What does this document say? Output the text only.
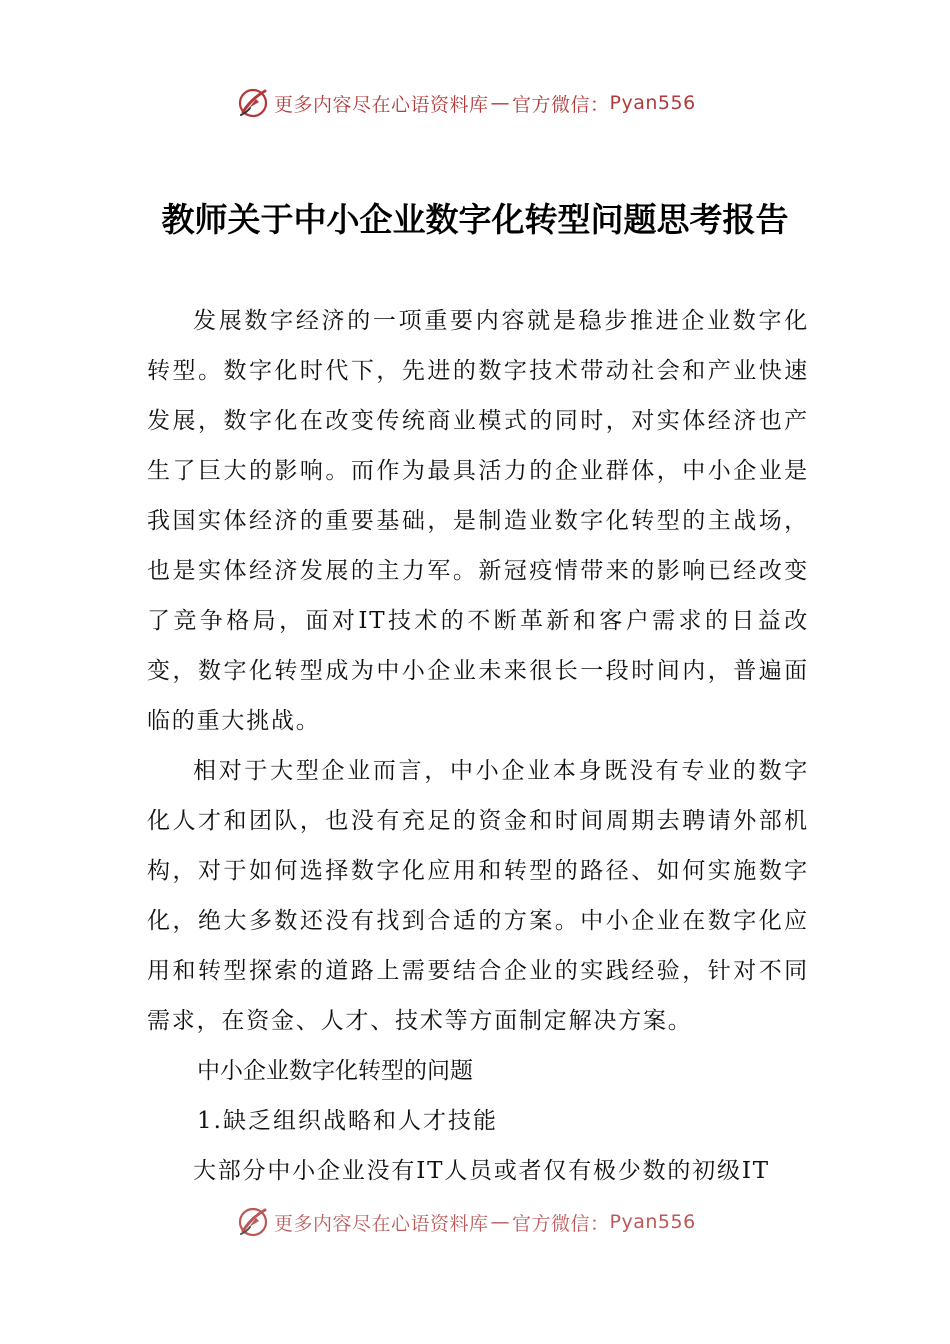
更多内容尽在心语资料库 — 官方微信： Pyan556
教师关于中小企业数字化转型问题思考报告

发展数字经济的一项重要内容就是稳步推进企业数字化转型。数字化时代下，先进的数字技术带动社会和产业快速发展，数字化在改变传统商业模式的同时，对实体经济也产生了巨大的影响。而作为最具活力的企业群体，中小企业是我国实体经济的重要基础，是制造业数字化转型的主战场，也是实体经济发展的主力军。新冠疫情带来的影响已经改变了竞争格局，面对IT技术的不断革新和客户需求的日益改变，数字化转型成为中小企业未来很长一段时间内，普遍面临的重大挑战。

相对于大型企业而言，中小企业本身既没有专业的数字化人才和团队，也没有充足的资金和时间周期去聘请外部机构，对于如何选择数字化应用和转型的路径、如何实施数字化，绝大多数还没有找到合适的方案。中小企业在数字化应用和转型探索的道路上需要结合企业的实践经验，针对不同需求，在资金、人才、技术等方面制定解决方案。

中小企业数字化转型的问题

1.缺乏组织战略和人才技能

大部分中小企业没有IT人员或者仅有极少数的初级IT

更多内容尽在心语资料库 — 官方微信： Pyan556
